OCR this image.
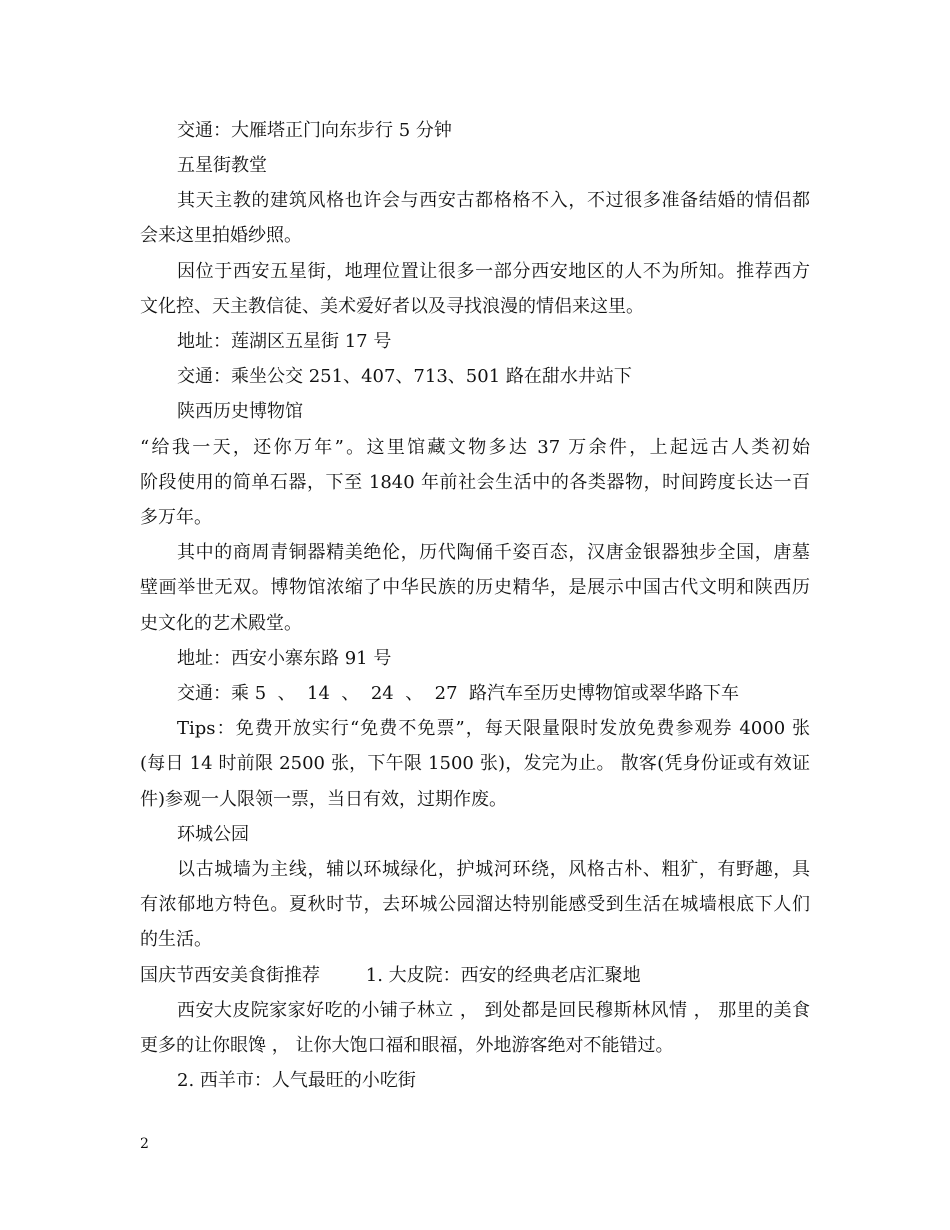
交通：大雁塔正门向东步行 5 分钟
五星街教堂
其天主教的建筑风格也许会与西安古都格格不入，不过很多准备结婚的情侣都
会来这里拍婚纱照。
因位于西安五星街，地理位置让很多一部分西安地区的人不为所知。推荐西方
文化控、天主教信徒、美术爱好者以及寻找浪漫的情侣来这里。
地址：莲湖区五星街 17 号
交通：乘坐公交 251、407、713、501 路在甜水井站下
陕西历史博物馆
“给我一天，还你万年”。这里馆藏文物多达 37 万余件，上起远古人类初始
阶段使用的简单石器，下至 1840 年前社会生活中的各类器物，时间跨度长达一百
多万年。
其中的商周青铜器精美绝伦，历代陶俑千姿百态，汉唐金银器独步全国，唐墓
壁画举世无双。博物馆浓缩了中华民族的历史精华，是展示中国古代文明和陕西历
史文化的艺术殿堂。
地址：西安小寨东路 91 号
交通：乘 5  、  14  、  24  、  27  路汽车至历史博物馆或翠华路下车
Tips：免费开放实行“免费不免票”，每天限量限时发放免费参观券 4000 张
(每日 14 时前限 2500 张，下午限 1500 张)，发完为止。 散客(凭身份证或有效证
件)参观一人限领一票，当日有效，过期作废。
环城公园
以古城墙为主线，辅以环城绿化，护城河环绕，风格古朴、粗犷，有野趣，具
有浓郁地方特色。夏秋时节，去环城公园溜达特别能感受到生活在城墙根底下人们
的生活。
国庆节西安美食街推荐        1. 大皮院：西安的经典老店汇聚地
西安大皮院家家好吃的小铺子林立 ， 到处都是回民穆斯林风情 ， 那里的美食
更多的让你眼馋 ， 让你大饱口福和眼福，外地游客绝对不能错过。
2. 西羊市：人气最旺的小吃街
2
